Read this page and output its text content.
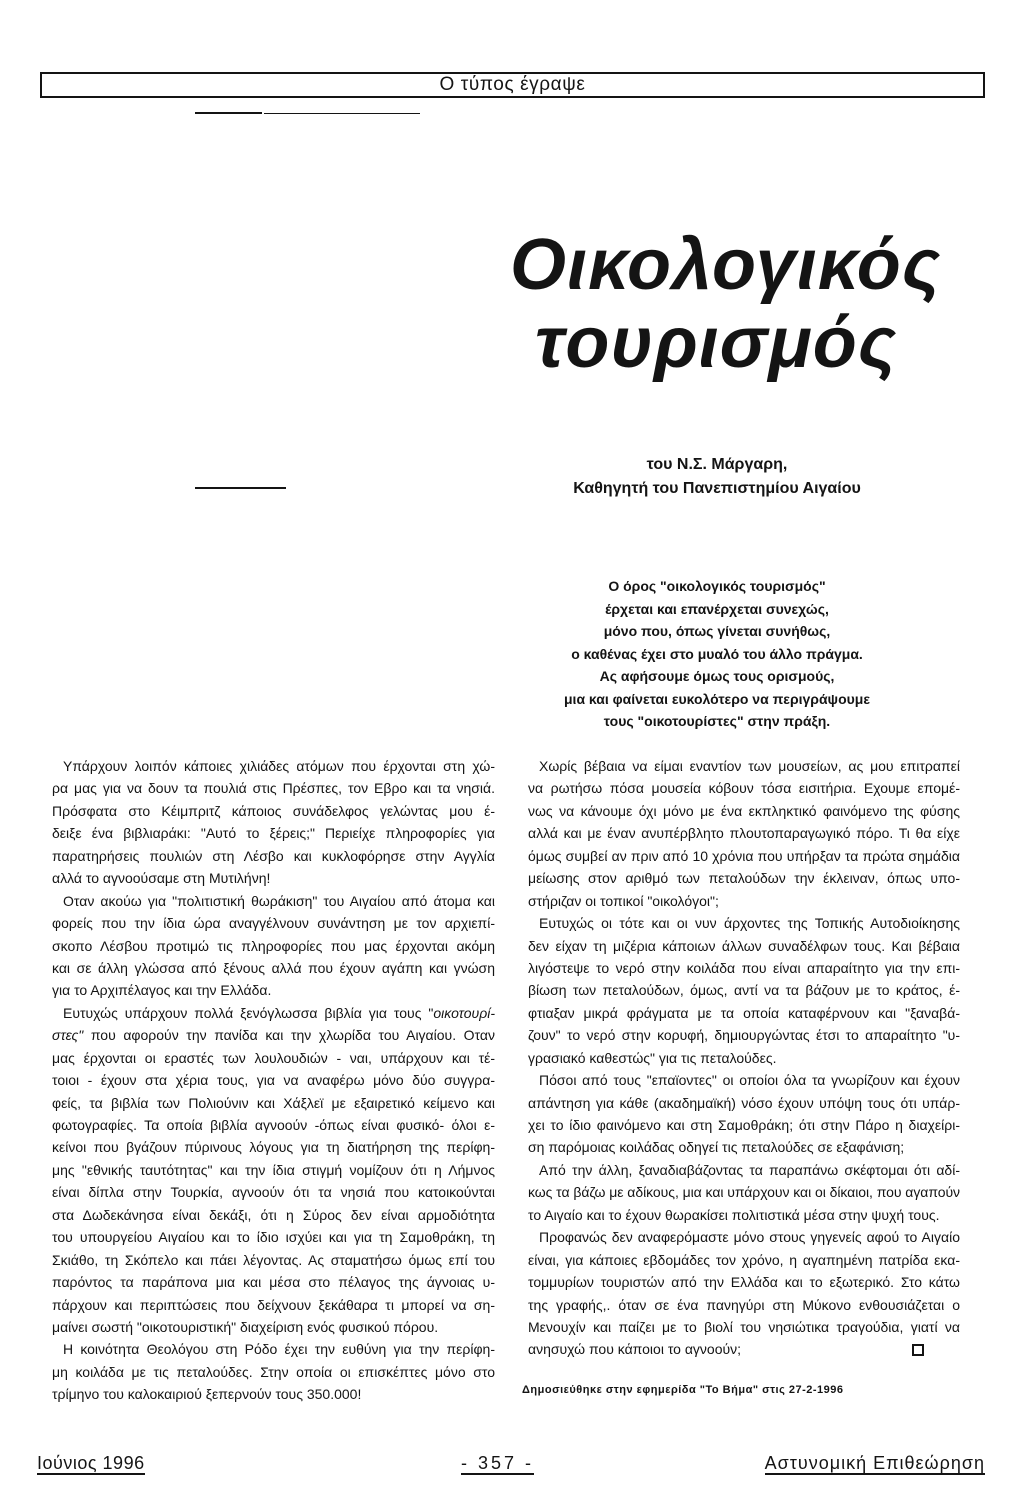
Ο τύπος έγραψε
Οικολογικός
τουρισμός
του Ν.Σ. Μάργαρη,
Καθηγητή του Πανεπιστημίου Αιγαίου
Ο όρος "οικολογικός τουρισμός"
έρχεται και επανέρχεται συνεχώς,
μόνο που, όπως γίνεται συνήθως,
ο καθένας έχει στο μυαλό του άλλο πράγμα.
Ας αφήσουμε όμως τους ορισμούς,
μια και φαίνεται ευκολότερο να περιγράψουμε
τους "οικοτουρίστες" στην πράξη.
Υπάρχουν λοιπόν κάποιες χιλιάδες ατόμων που έρχονται στη χώ-
ρα μας για να δουν τα πουλιά στις Πρέσπες, τον Εβρο και τα νησιά.
Πρόσφατα στο Κέιμπριτζ κάποιος συνάδελφος γελώντας μου έ-
δειξε ένα βιβλιαράκι: "Αυτό το ξέρεις;" Περιείχε πληροφορίες για
παρατηρήσεις πουλιών στη Λέσβο και κυκλοφόρησε στην Αγγλία
αλλά το αγνοούσαμε στη Μυτιλήνη!
Οταν ακούω για "πολιτιστική θωράκιση" του Αιγαίου από άτομα και
φορείς που την ίδια ώρα αναγγέλνουν συνάντηση με τον αρχιεπί-
σκοπο Λέσβου προτιμώ τις πληροφορίες που μας έρχονται ακόμη
και σε άλλη γλώσσα από ξένους αλλά που έχουν αγάπη και γνώση
για το Αρχιπέλαγος και την Ελλάδα.
Ευτυχώς υπάρχουν πολλά ξενόγλωσσα βιβλία για τους "οικοτουρί-
στες" που αφορούν την πανίδα και την χλωρίδα του Αιγαίου. Οταν
μας έρχονται οι εραστές των λουλουδιών - ναι, υπάρχουν και τέ-
τοιοι - έχουν στα χέρια τους, για να αναφέρω μόνο δύο συγγρα-
φείς, τα βιβλία των Πολιούνιν και Χάξλεϊ με εξαιρετικό κείμενο και
φωτογραφίες. Τα οποία βιβλία αγνοούν -όπως είναι φυσικό- όλοι ε-
κείνοι που βγάζουν πύρινους λόγους για τη διατήρηση της περίφη-
μης "εθνικής ταυτότητας" και την ίδια στιγμή νομίζουν ότι η Λήμνος
είναι δίπλα στην Τουρκία, αγνοούν ότι τα νησιά που κατοικούνται
στα Δωδεκάνησα είναι δεκάξι, ότι η Σύρος δεν είναι αρμοδιότητα
του υπουργείου Αιγαίου και το ίδιο ισχύει και για τη Σαμοθράκη, τη
Σκιάθο, τη Σκόπελο και πάει λέγοντας. Ας σταματήσω όμως επί του
παρόντος τα παράπονα μια και μέσα στο πέλαγος της άγνοιας υ-
πάρχουν και περιπτώσεις που δείχνουν ξεκάθαρα τι μπορεί να ση-
μαίνει σωστή "οικοτουριστική" διαχείριση ενός φυσικού πόρου.
Η κοινότητα Θεολόγου στη Ρόδο έχει την ευθύνη για την περίφη-
μη κοιλάδα με τις πεταλούδες. Στην οποία οι επισκέπτες μόνο στο
τρίμηνο του καλοκαιριού ξεπερνούν τους 350.000!
Χωρίς βέβαια να είμαι εναντίον των μουσείων, ας μου επιτραπεί
να ρωτήσω πόσα μουσεία κόβουν τόσα εισιτήρια. Εχουμε επομέ-
νως να κάνουμε όχι μόνο με ένα εκπληκτικό φαινόμενο της φύσης
αλλά και με έναν ανυπέρβλητο πλουτοπαραγωγικό πόρο. Τι θα είχε
όμως συμβεί αν πριν από 10 χρόνια που υπήρξαν τα πρώτα σημάδια
μείωσης στον αριθμό των πεταλούδων την έκλειναν, όπως υπο-
στήριζαν οι τοπικοί "οικολόγοι";
Ευτυχώς οι τότε και οι νυν άρχοντες της Τοπικής Αυτοδιοίκησης
δεν είχαν τη μιζέρια κάποιων άλλων συναδέλφων τους. Και βέβαια
λιγόστεψε το νερό στην κοιλάδα που είναι απαραίτητο για την επι-
βίωση των πεταλούδων, όμως, αντί να τα βάζουν με το κράτος, έ-
φτιαξαν μικρά φράγματα με τα οποία καταφέρνουν και "ξαναβά-
ζουν" το νερό στην κορυφή, δημιουργώντας έτσι το απαραίτητο "υ-
γρασιακό καθεστώς" για τις πεταλούδες.
Πόσοι από τους "επαϊοντες" οι οποίοι όλα τα γνωρίζουν και έχουν
απάντηση για κάθε (ακαδημαϊκή) νόσο έχουν υπόψη τους ότι υπάρ-
χει το ίδιο φαινόμενο και στη Σαμοθράκη; ότι στην Πάρο η διαχείρι-
ση παρόμοιας κοιλάδας οδηγεί τις πεταλούδες σε εξαφάνιση;
Από την άλλη, ξαναδιαβάζοντας τα παραπάνω σκέφτομαι ότι αδί-
κως τα βάζω με αδίκους, μια και υπάρχουν και οι δίκαιοι, που αγαπούν
το Αιγαίο και το έχουν θωρακίσει πολιτιστικά μέσα στην ψυχή τους.
Προφανώς δεν αναφερόμαστε μόνο στους γηγενείς αφού το Αιγαίο
είναι, για κάποιες εβδομάδες τον χρόνο, η αγαπημένη πατρίδα εκα-
τομμυρίων τουριστών από την Ελλάδα και το εξωτερικό. Στο κάτω
της γραφής,. όταν σε ένα πανηγύρι στη Μύκονο ενθουσιάζεται ο
Μενουχίν και παίζει με το βιολί του νησιώτικα τραγούδια, γιατί να
ανησυχώ που κάποιοι το αγνοούν;
Δημοσιεύθηκε στην εφημερίδα "Το Βήμα" στις 27-2-1996
Ιούνιος 1996	- 357 -	Αστυνομική Επιθεώρηση
